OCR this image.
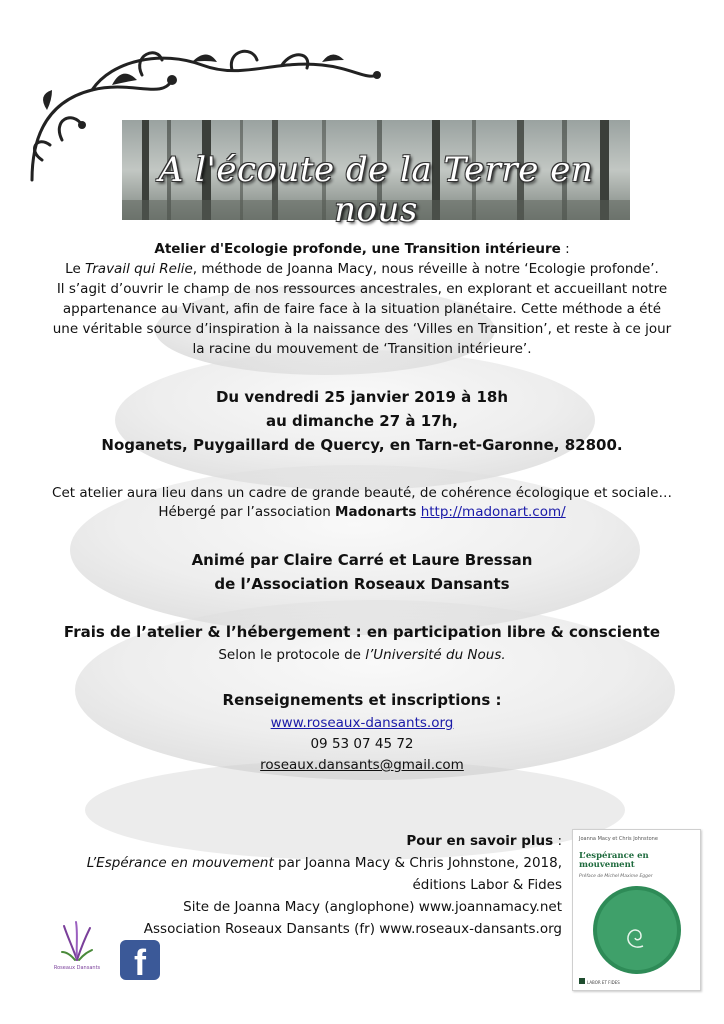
A l'écoute de la Terre en nous
Atelier d'Ecologie profonde, une Transition intérieure :
Le Travail qui Relie, méthode de Joanna Macy, nous réveille à notre ‘Ecologie profonde’.
Il s’agit d’ouvrir le champ de nos ressources ancestrales, en explorant et accueillant notre
appartenance au Vivant, afin de faire face à la situation planétaire. Cette méthode a été
une véritable source d’inspiration à la naissance des ‘Villes en Transition’, et reste à ce jour
la racine du mouvement de ‘Transition intérieure’.
Du vendredi 25 janvier 2019 à 18h
au dimanche 27 à 17h,
Noganets, Puygaillard de Quercy, en Tarn-et-Garonne, 82800.
Cet atelier aura lieu dans un cadre de grande beauté, de cohérence écologique et sociale…
Hébergé par l’association Madonarts http://madonart.com/
Animé par Claire Carré et Laure Bressan
de l’Association Roseaux Dansants
Frais de l’atelier & l’hébergement : en participation libre & consciente
Selon le protocole de l’Université du Nous.
Renseignements et inscriptions :
www.roseaux-dansants.org
09 53 07 45 72
roseaux.dansants@gmail.com
Pour en savoir plus :
L’Espérance en mouvement par Joanna Macy & Chris Johnstone, 2018,
éditions Labor & Fides
Site de Joanna Macy (anglophone) www.joannamacy.net
Association Roseaux Dansants (fr) www.roseaux-dansants.org
Joanna Macy et Chris Johnstone
L’espérance en mouvement
Préface de Michel Maxime Egger
LABOR ET FIDES
Roseaux Dansants f
